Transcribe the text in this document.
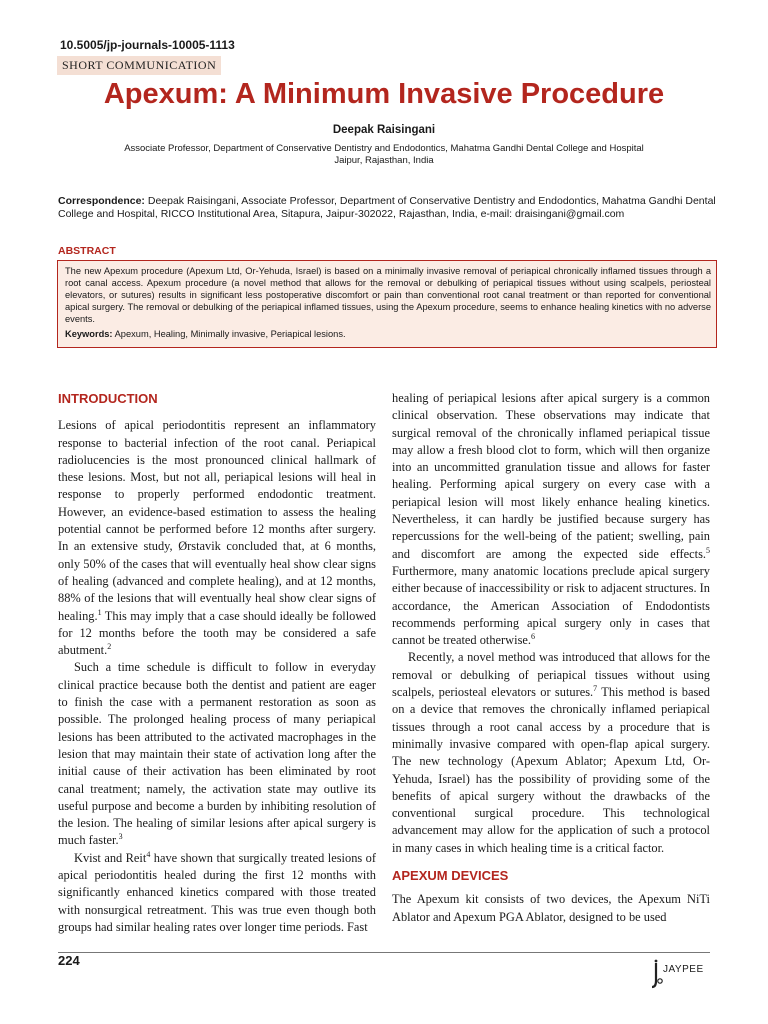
10.5005/jp-journals-10005-1113
SHORT COMMUNICATION
Apexum: A Minimum Invasive Procedure
Deepak Raisingani
Associate Professor, Department of Conservative Dentistry and Endodontics, Mahatma Gandhi Dental College and Hospital
Jaipur, Rajasthan, India
Correspondence: Deepak Raisingani, Associate Professor, Department of Conservative Dentistry and Endodontics, Mahatma Gandhi Dental College and Hospital, RICCO Institutional Area, Sitapura, Jaipur-302022, Rajasthan, India, e-mail: draisingani@gmail.com
ABSTRACT

The new Apexum procedure (Apexum Ltd, Or-Yehuda, Israel) is based on a minimally invasive removal of periapical chronically inflamed tissues through a root canal access. Apexum procedure (a novel method that allows for the removal or debulking of periapical tissues without using scalpels, periosteal elevators, or sutures) results in significant less postoperative discomfort or pain than conventional root canal treatment or than reported for conventional apical surgery. The removal or debulking of the periapical inflamed tissues, using the Apexum procedure, seems to enhance healing kinetics with no adverse events.

Keywords: Apexum, Healing, Minimally invasive, Periapical lesions.

INTRODUCTION

Lesions of apical periodontitis represent an inflammatory response to bacterial infection of the root canal. Periapical radiolucencies is the most pronounced clinical hallmark of these lesions. Most, but not all, periapical lesions will heal in response to properly performed endodontic treatment. However, an evidence-based estimation to assess the healing potential cannot be performed before 12 months after surgery. In an extensive study, Ørstavik concluded that, at 6 months, only 50% of the cases that will eventually heal show clear signs of healing (advanced and complete healing), and at 12 months, 88% of the lesions that will eventually heal show clear signs of healing.$^1$ This may imply that a case should ideally be followed for 12 months before the tooth may be considered a safe abutment.$^2$

Such a time schedule is difficult to follow in everyday clinical practice because both the dentist and patient are eager to finish the case with a permanent restoration as soon as possible. The prolonged healing process of many periapical lesions has been attributed to the activated macrophages in the lesion that may maintain their state of activation long after the initial cause of their activation has been eliminated by root canal treatment; namely, the activation state may outlive its useful purpose and become a burden by inhibiting resolution of the lesion. The healing of similar lesions after apical surgery is much faster.$^3$

Kvist and Reit$^4$ have shown that surgically treated lesions of apical periodontitis healed during the first 12 months with significantly enhanced kinetics compared with those treated with nonsurgical retreatment. This was true even though both groups had similar healing rates over longer time periods. Fast

healing of periapical lesions after apical surgery is a common clinical observation. These observations may indicate that surgical removal of the chronically inflamed periapical tissue may allow a fresh blood clot to form, which will then organize into an uncommitted granulation tissue and allows for faster healing. Performing apical surgery on every case with a periapical lesion will most likely enhance healing kinetics. Nevertheless, it can hardly be justified because surgery has repercussions for the well-being of the patient; swelling, pain and discomfort are among the expected side effects.$^5$ Furthermore, many anatomic locations preclude apical surgery either because of inaccessibility or risk to adjacent structures. In accordance, the American Association of Endodontists recommends performing apical surgery only in cases that cannot be treated otherwise.$^6$

Recently, a novel method was introduced that allows for the removal or debulking of periapical tissues without using scalpels, periosteal elevators or sutures.$^7$ This method is based on a device that removes the chronically inflamed periapical tissues through a root canal access by a procedure that is minimally invasive compared with open-flap apical surgery. The new technology (Apexum Ablator; Apexum Ltd, Or- Yehuda, Israel) has the possibility of providing some of the benefits of apical surgery without the drawbacks of the conventional surgical procedure. This technological advancement may allow for the application of such a protocol in many cases in which healing time is a critical factor.

APEXUM DEVICES

The Apexum kit consists of two devices, the Apexum NiTi Ablator and Apexum PGA Ablator, designed to be used

224
JAYPEE
